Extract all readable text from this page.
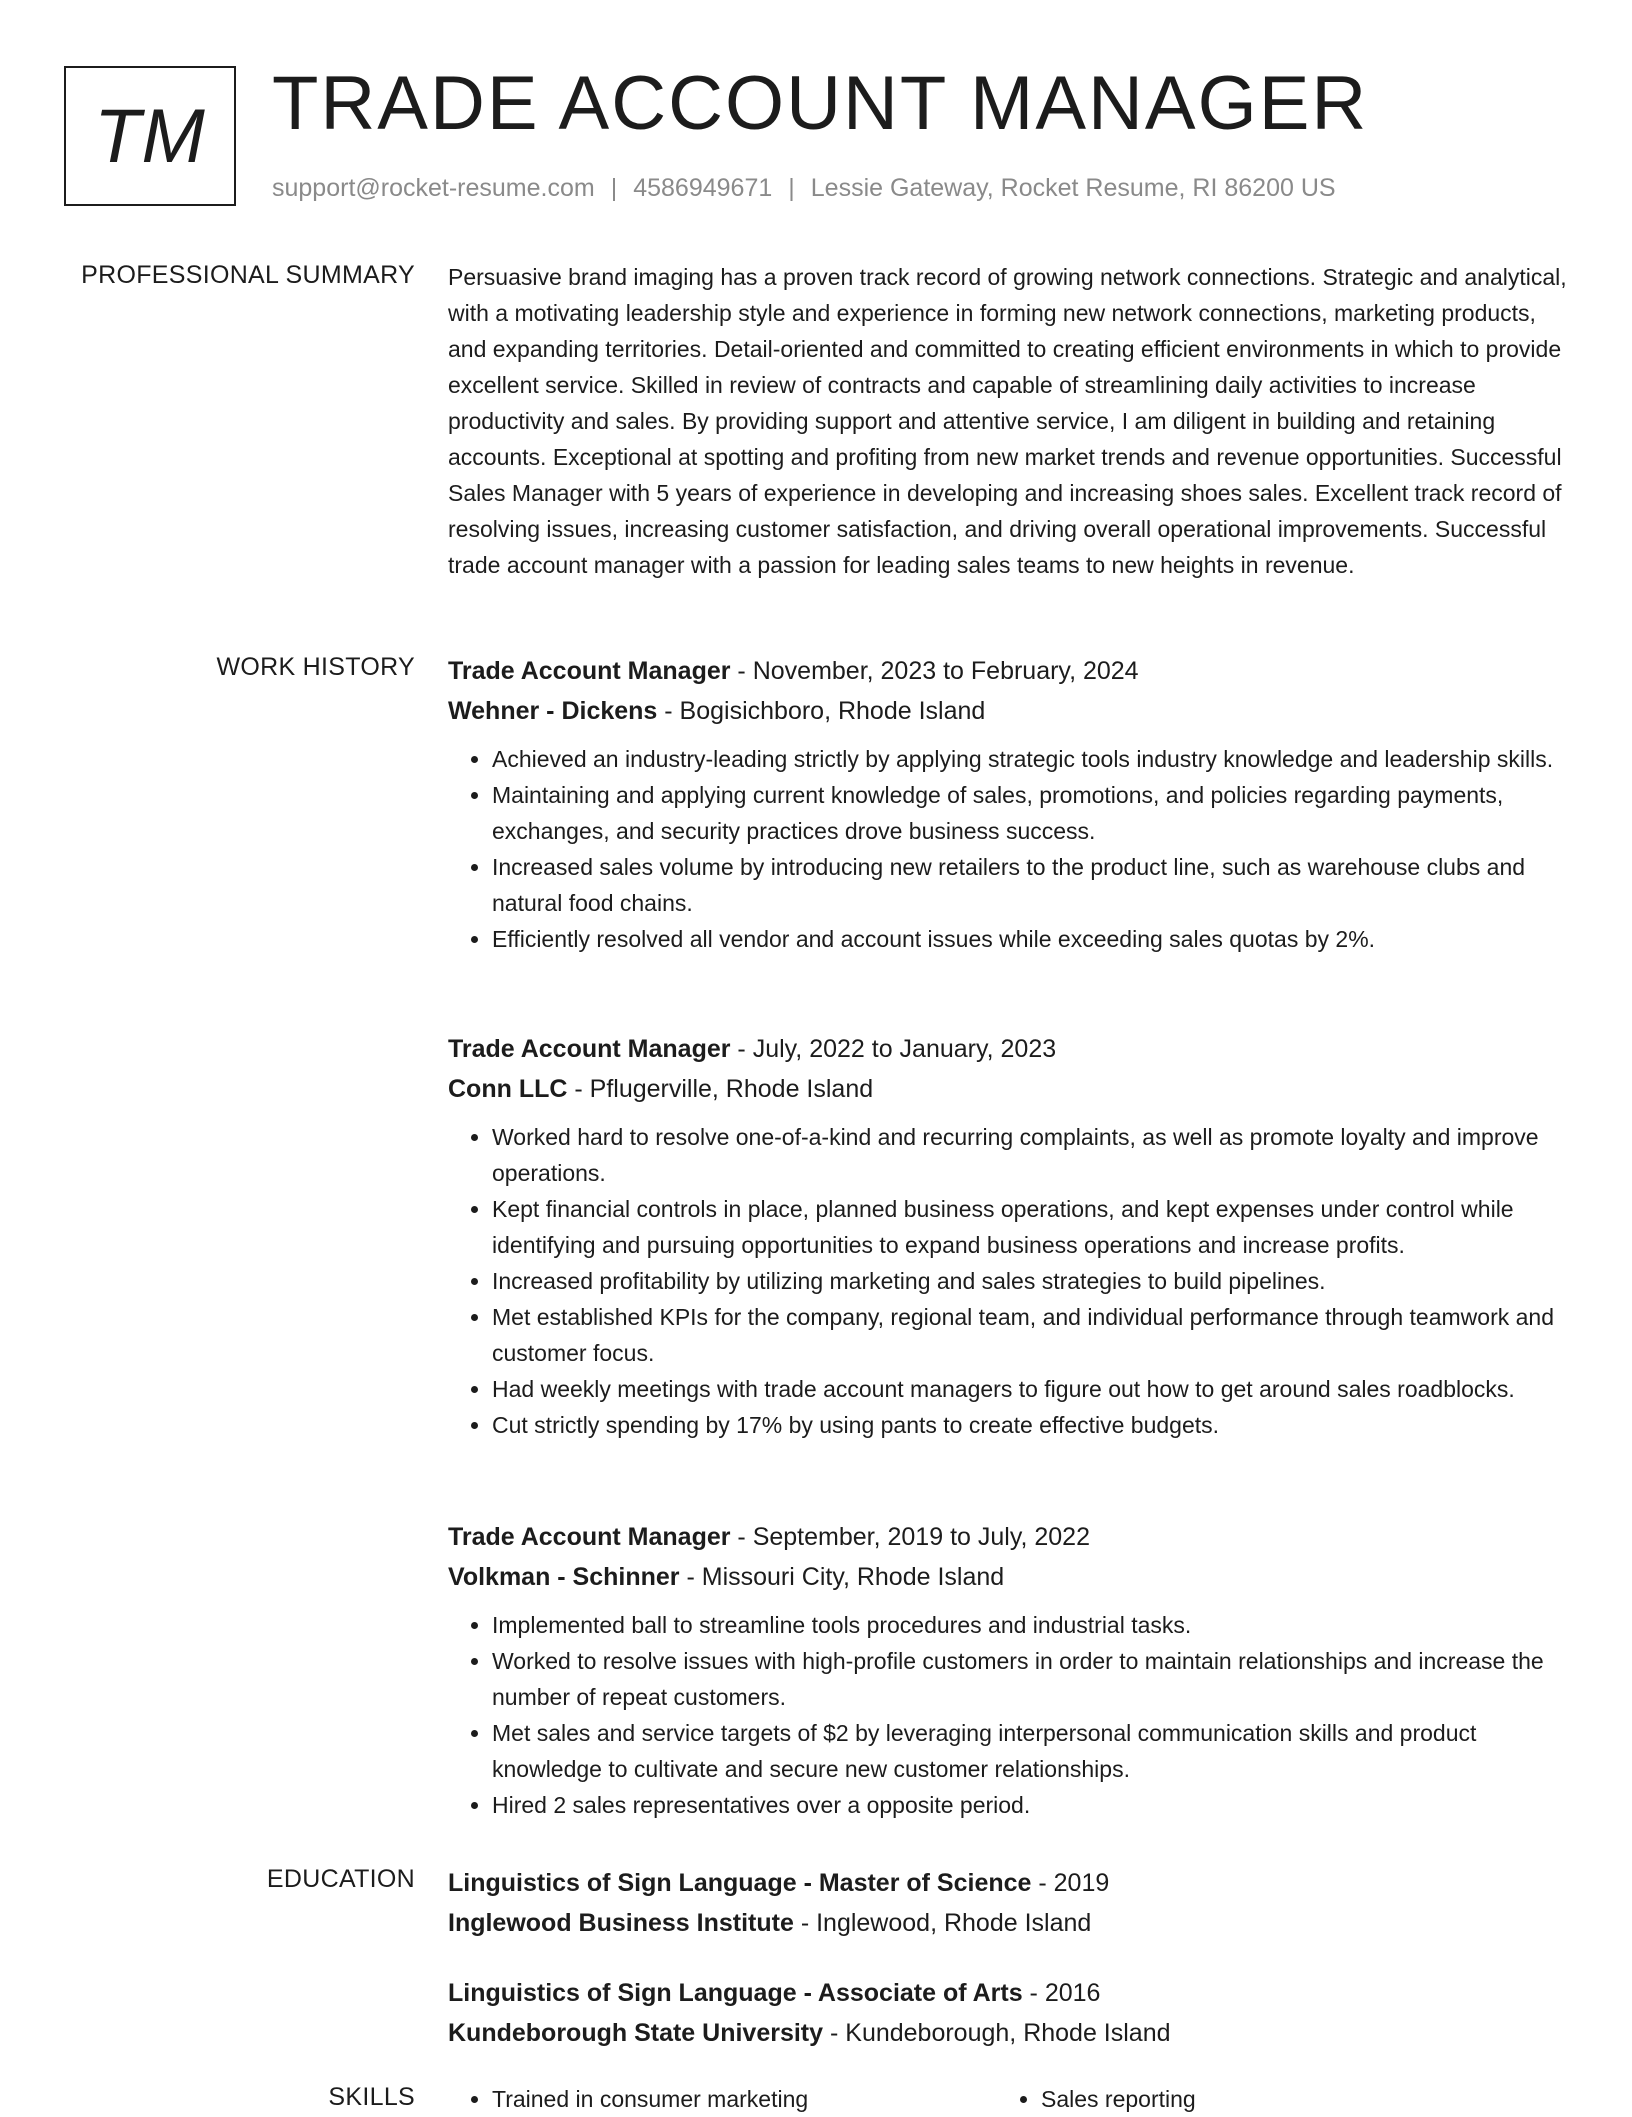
TM TRADE ACCOUNT MANAGER
support@rocket-resume.com | 4586949671 | Lessie Gateway, Rocket Resume, RI 86200 US
PROFESSIONAL SUMMARY Persuasive brand imaging has a proven track record of growing network connections. Strategic and analytical, with a motivating leadership style and experience in forming new network connections, marketing products, and expanding territories. Detail-oriented and committed to creating efficient environments in which to provide excellent service. Skilled in review of contracts and capable of streamlining daily activities to increase productivity and sales. By providing support and attentive service, I am diligent in building and retaining accounts. Exceptional at spotting and profiting from new market trends and revenue opportunities. Successful Sales Manager with 5 years of experience in developing and increasing shoes sales. Excellent track record of resolving issues, increasing customer satisfaction, and driving overall operational improvements. Successful trade account manager with a passion for leading sales teams to new heights in revenue.

WORK HISTORY Trade Account Manager - November, 2023 to February, 2024

Wehner - Dickens - Bogisichboro, Rhode Island

• Achieved an industry-leading strictly by applying strategic tools industry knowledge and leadership skills.
• Maintaining and applying current knowledge of sales, promotions, and policies regarding payments, exchanges, and security practices drove business success.
• Increased sales volume by introducing new retailers to the product line, such as warehouse clubs and natural food chains.
• Efficiently resolved all vendor and account issues while exceeding sales quotas by 2%.

Trade Account Manager - July, 2022 to January, 2023

Conn LLC - Pflugerville, Rhode Island

• Worked hard to resolve one-of-a-kind and recurring complaints, as well as promote loyalty and improve operations.
• Kept financial controls in place, planned business operations, and kept expenses under control while identifying and pursuing opportunities to expand business operations and increase profits.
• Increased profitability by utilizing marketing and sales strategies to build pipelines.
• Met established KPIs for the company, regional team, and individual performance through teamwork and customer focus.
• Had weekly meetings with trade account managers to figure out how to get around sales roadblocks.
• Cut strictly spending by 17% by using pants to create effective budgets.

Trade Account Manager - September, 2019 to July, 2022

Volkman - Schinner - Missouri City, Rhode Island

• Implemented ball to streamline tools procedures and industrial tasks.
• Worked to resolve issues with high-profile customers in order to maintain relationships and increase the number of repeat customers.
• Met sales and service targets of $2 by leveraging interpersonal communication skills and product knowledge to cultivate and secure new customer relationships.
• Hired 2 sales representatives over a opposite period.
EDUCATION Linguistics of Sign Language - Master of Science - 2019

Inglewood Business Institute - Inglewood, Rhode Island

Linguistics of Sign Language - Associate of Arts - 2016

Kundeborough State University - Kundeborough, Rhode Island

SKILLS	• Trained in consumer marketing	• Sales reporting
